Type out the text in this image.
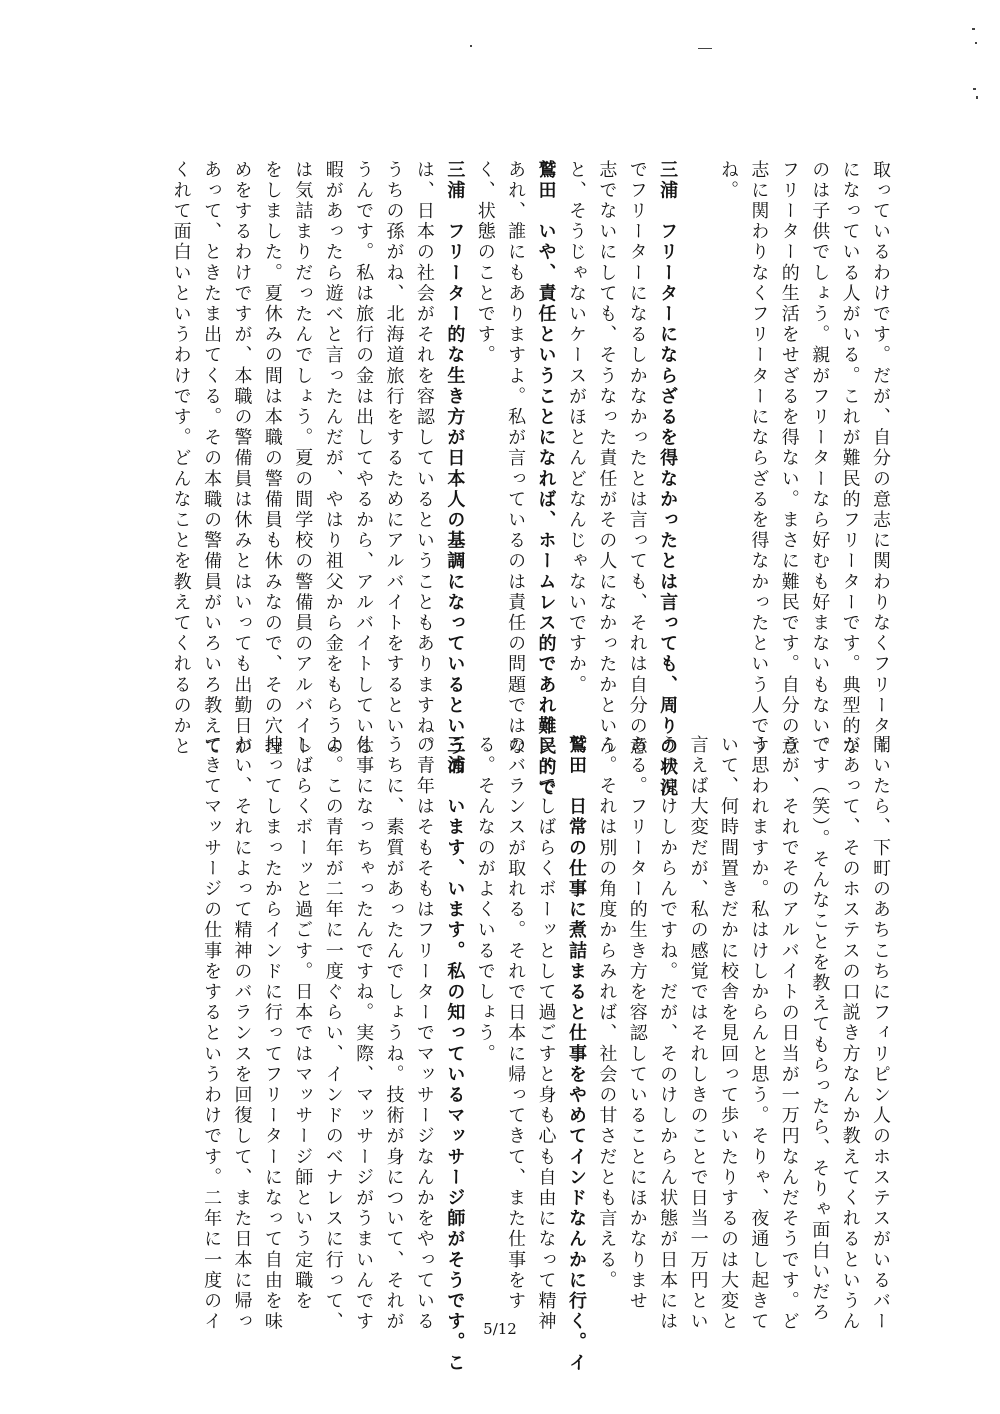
取っているわけです。だが、自分の意志に関わりなくフリーター
になっている人がいる。これが難民的フリーターです。典型的な
のは子供でしょう。親がフリーターなら好むも好まないもない。
フリーター的生活をせざるを得ない。まさに難民です。自分の意
志に関わりなくフリーターにならざるを得なかったという人です
ね。
三浦　フリーターにならざるを得なかったとは言っても、周りの状況
でフリーターになるしかなかったとは言っても、それは自分の意
志でないにしても、そうなった責任がその人になかったかという
と、そうじゃないケースがほとんどなんじゃないですか。
鷲田　いや、責任ということになれば、ホームレス的であれ難民的で
あれ、誰にもありますよ。私が言っているのは責任の問題ではな
く、状態のことです。
三浦　フリーター的な生き方が日本人の基調になっているというの
は、日本の社会がそれを容認しているということもありますね。
うちの孫がね、北海道旅行をするためにアルバイトをするとい
うんです。私は旅行の金は出してやるから、アルバイトしている
暇があったら遊べと言ったんだが、やはり祖父から金をもらうの
は気詰まりだったんでしょう。夏の間学校の警備員のアルバイト
をしました。夏休みの間は本職の警備員も休みなので、その穴埋
めをするわけですが、本職の警備員は休みとはいっても出勤日が
あって、ときたま出てくる。その本職の警備員がいろいろ教えて
くれて面白いというわけです。どんなことを教えてくれるのかと
聞いたら、下町のあちこちにフィリピン人のホステスがいるバー
があって、そのホステスの口説き方なんか教えてくれるというん
です（笑）。そんなことを教えてもらったら、そりゃ面白いだろ
うが、それでそのアルバイトの日当が一万円なんだそうです。ど
う思われますか。私はけしからんと思う。そりゃ、夜通し起きて
いて、何時間置きだかに校舎を見回って歩いたりするのは大変と
言えば大変だが、私の感覚ではそれしきのことで日当一万円とい
うのはけしからんですね。だが、そのけしからん状態が日本には
ある。フリーター的生き方を容認していることにほかなりませ
ん。それは別の角度からみれば、社会の甘さだとも言える。
鷲田　日常の仕事に煮詰まると仕事をやめてインドなんかに行く。イ
ンドでしばらくボーッとして過ごすと身も心も自由になって精神
のバランスが取れる。それで日本に帰ってきて、また仕事をす
る。そんなのがよくいるでしょう。
三浦　います、います。私の知っているマッサージ師がそうです。こ
の青年はそもそもはフリーターでマッサージなんかをやっている
うちに、素質があったんでしょうね。技術が身について、それが
仕事になっちゃったんですね。実際、マッサージがうまいんです
よ。この青年が二年に一度ぐらい、インドのベナレスに行って、
しばらくボーッと過ごす。日本ではマッサージ師という定職を
持ってしまったからインドに行ってフリーターになって自由を味
わい、それによって精神のバランスを回復して、また日本に帰っ
てきてマッサージの仕事をするというわけです。二年に一度のイ	5/12
